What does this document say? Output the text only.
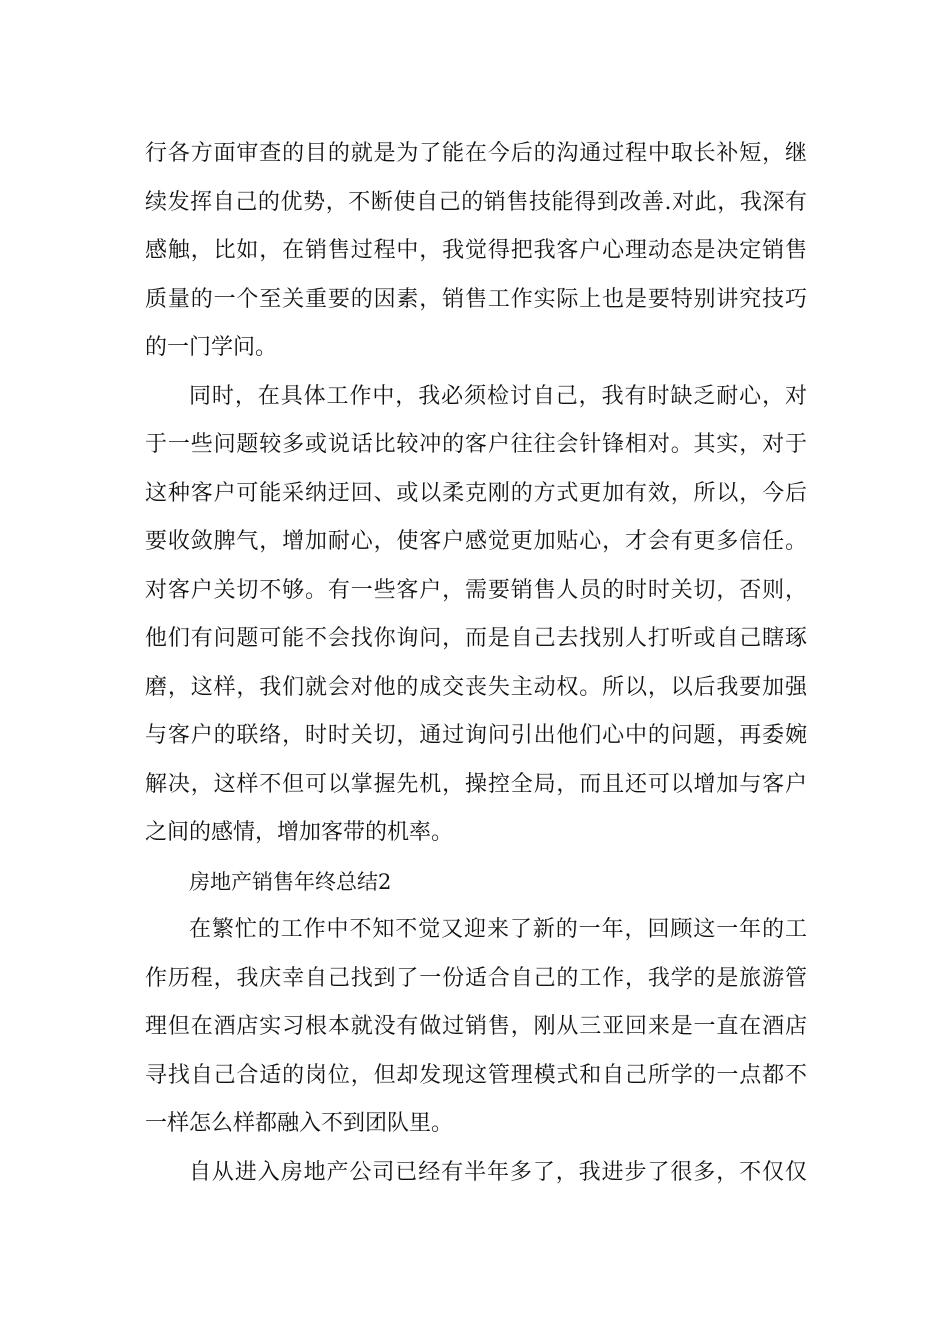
行各方面审查的目的就是为了能在今后的沟通过程中取长补短，继
续发挥自己的优势，不断使自己的销售技能得到改善.对此，我深有
感触，比如，在销售过程中，我觉得把我客户心理动态是决定销售
质量的一个至关重要的因素，销售工作实际上也是要特别讲究技巧
的一门学问。
同时，在具体工作中，我必须检讨自己，我有时缺乏耐心，对
于一些问题较多或说话比较冲的客户往往会针锋相对。其实，对于
这种客户可能采纳迂回、或以柔克刚的方式更加有效，所以，今后
要收敛脾气，增加耐心，使客户感觉更加贴心，才会有更多信任。
对客户关切不够。有一些客户，需要销售人员的时时关切，否则，
他们有问题可能不会找你询问，而是自己去找别人打听或自己瞎琢
磨，这样，我们就会对他的成交丧失主动权。所以，以后我要加强
与客户的联络，时时关切，通过询问引出他们心中的问题，再委婉
解决，这样不但可以掌握先机，操控全局，而且还可以增加与客户
之间的感情，增加客带的机率。
房地产销售年终总结2
在繁忙的工作中不知不觉又迎来了新的一年，回顾这一年的工
作历程，我庆幸自己找到了一份适合自己的工作，我学的是旅游管
理但在酒店实习根本就没有做过销售，刚从三亚回来是一直在酒店
寻找自己合适的岗位，但却发现这管理模式和自己所学的一点都不
一样怎么样都融入不到团队里。
自从进入房地产公司已经有半年多了，我进步了很多，不仅仅
